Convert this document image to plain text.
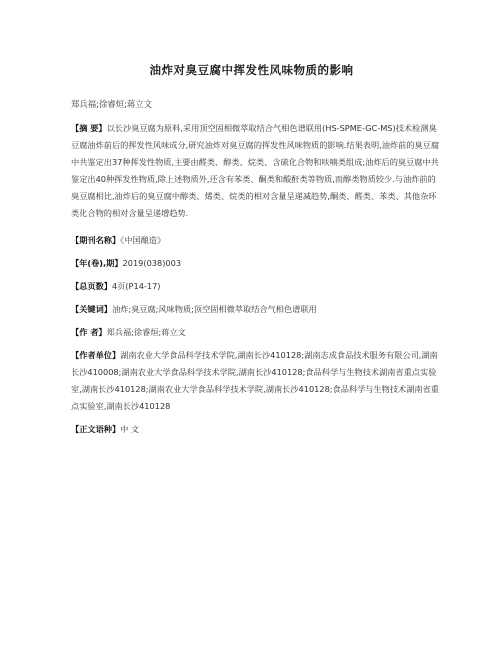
油炸对臭豆腐中挥发性风味物质的影响
郑兵福;徐睿烜;蒋立文
【摘 要】以长沙臭豆腐为原料,采用顶空固相微萃取结合气相色谱联用(HS-SPME-GC-MS)技术检测臭豆腐油炸前后的挥发性风味成分,研究油炸对臭豆腐的挥发性风味物质的影响.结果表明,油炸前的臭豆腐中共鉴定出37种挥发性物质,主要由醛类、醇类、烷类、含硫化合物和呋喃类组成;油炸后的臭豆腐中共鉴定出40种挥发性物质,除上述物质外,还含有苯类、酮类和酸酐类等物质,而醇类物质较少.与油炸前的臭豆腐相比,油炸后的臭豆腐中醇类、烯类、烷类的相对含量呈递减趋势,酮类、醛类、苯类、其他杂环类化合物的相对含量呈递增趋势.
【期刊名称】《中国酿造》
【年(卷),期】2019(038)003
【总页数】4页(P14-17)
【关键词】油炸;臭豆腐;风味物质;顶空固相微萃取结合气相色谱联用
【作 者】郑兵福;徐睿烜;蒋立文
【作者单位】湖南农业大学食品科学技术学院,湖南长沙410128;湖南志成食品技术服务有限公司,湖南长沙410008;湖南农业大学食品科学技术学院,湖南长沙410128;食品科学与生物技术湖南省重点实验室,湖南长沙410128;湖南农业大学食品科学技术学院,湖南长沙410128;食品科学与生物技术湖南省重点实验室,湖南长沙410128
【正文语种】中 文
